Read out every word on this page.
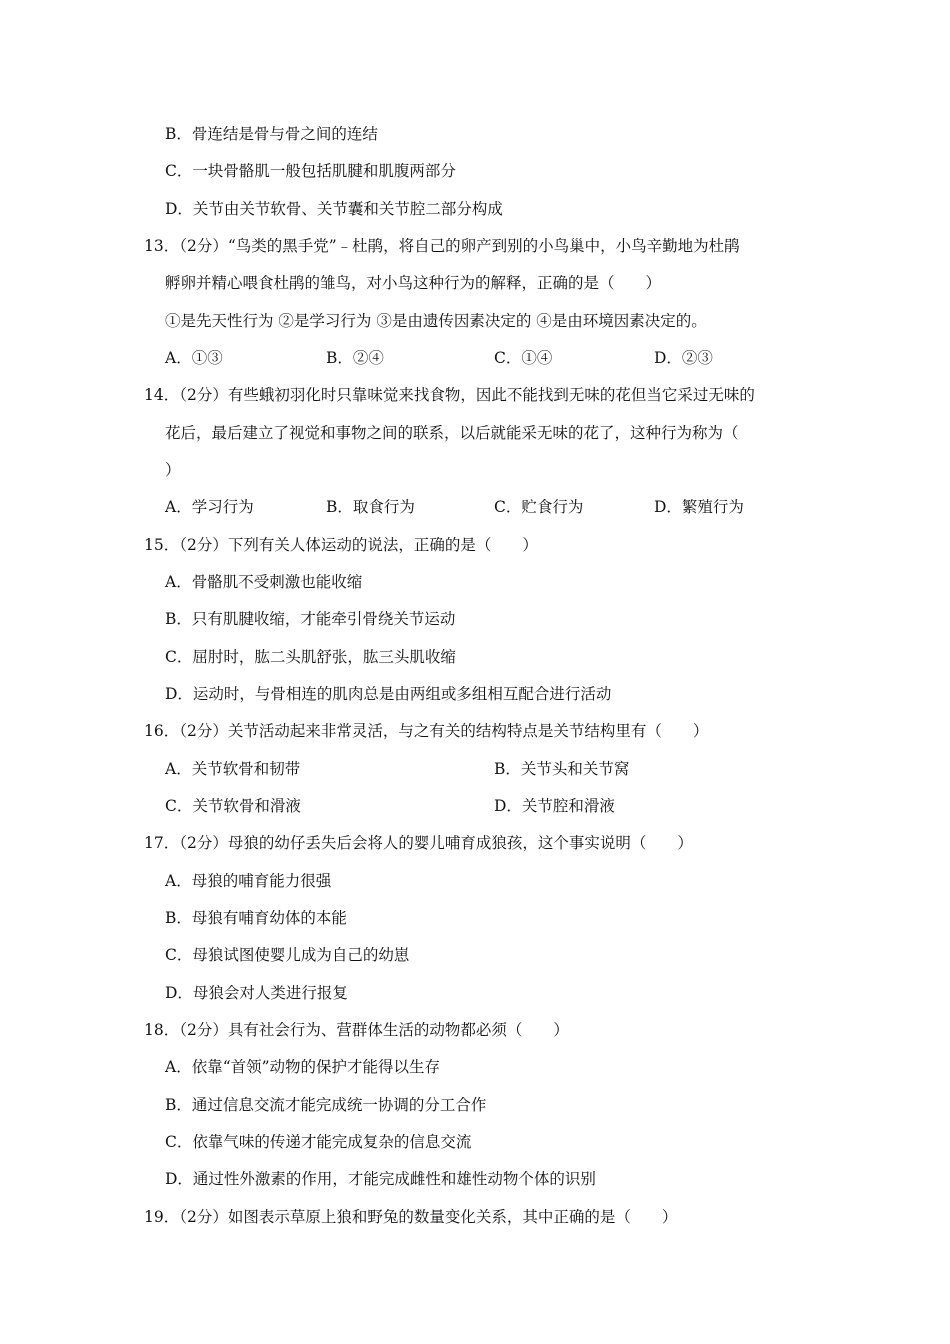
B．骨连结是骨与骨之间的连结
C．一块骨骼肌一般包括肌腱和肌腹两部分
D．关节由关节软骨、关节囊和关节腔二部分构成
13．（2分）“鸟类的黑手党”﹣杜鹃，将自己的卵产到别的小鸟巢中，小鸟辛勤地为杜鹃
孵卵并精心喂食杜鹃的雏鸟，对小鸟这种行为的解释，正确的是（　　）
①是先天性行为 ②是学习行为 ③是由遗传因素决定的 ④是由环境因素决定的。
A．①③	B．②④	C．①④	D．②③
14．（2分）有些蛾初羽化时只靠味觉来找食物，因此不能找到无味的花但当它采过无味的
花后，最后建立了视觉和事物之间的联系，以后就能采无味的花了，这种行为称为（
）
A．学习行为	B．取食行为	C．贮食行为	D．繁殖行为
15．（2分）下列有关人体运动的说法，正确的是（　　）
A．骨骼肌不受刺激也能收缩
B．只有肌腱收缩，才能牵引骨绕关节运动
C．屈肘时，肱二头肌舒张，肱三头肌收缩
D．运动时，与骨相连的肌肉总是由两组或多组相互配合进行活动
16．（2分）关节活动起来非常灵活，与之有关的结构特点是关节结构里有（　　）
A．关节软骨和韧带	B．关节头和关节窝
C．关节软骨和滑液	D．关节腔和滑液
17．（2分）母狼的幼仔丢失后会将人的婴儿哺育成狼孩，这个事实说明（　　）
A．母狼的哺育能力很强
B．母狼有哺育幼体的本能
C．母狼试图使婴儿成为自己的幼崽
D．母狼会对人类进行报复
18．（2分）具有社会行为、营群体生活的动物都必须（　　）
A．依靠“首领”动物的保护才能得以生存
B．通过信息交流才能完成统一协调的分工合作
C．依靠气味的传递才能完成复杂的信息交流
D．通过性外激素的作用，才能完成雌性和雄性动物个体的识别
19．（2分）如图表示草原上狼和野兔的数量变化关系，其中正确的是（　　）
